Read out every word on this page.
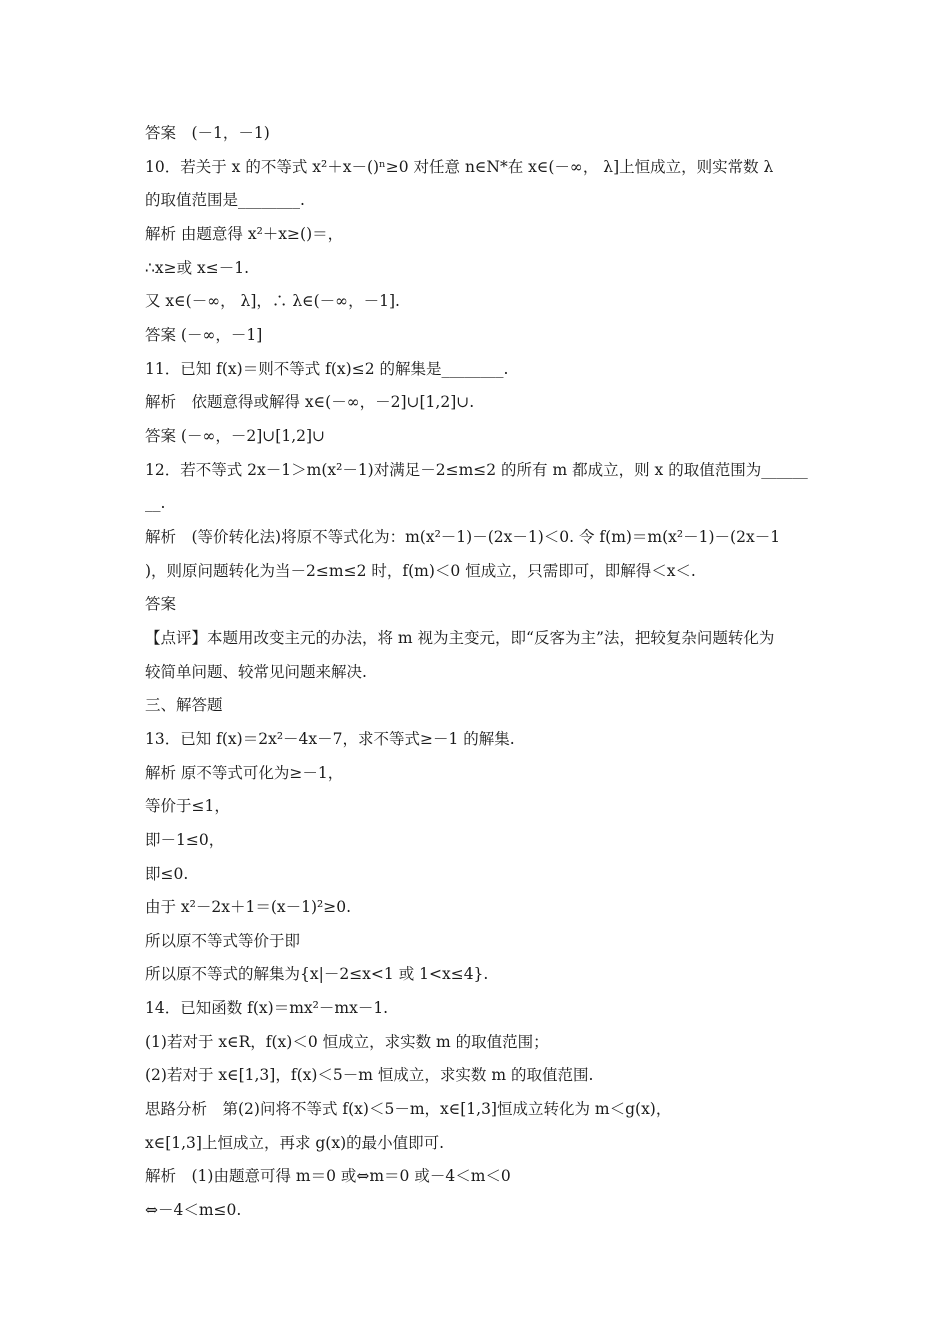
答案　(－1，－1)
10．若关于 x 的不等式 x²＋x－()ⁿ≥0 对任意 n∈N*在 x∈(－∞， λ]上恒成立，则实常数 λ
的取值范围是________.
解析 由题意得 x²＋x≥()＝，
∴x≥或 x≤－1.
又 x∈(－∞， λ]，∴ λ∈(－∞，－1].
答案 (－∞，－1]
11．已知 f(x)＝则不等式 f(x)≤2 的解集是________.
解析　依题意得或解得 x∈(－∞，－2]∪[1,2]∪.
答案 (－∞，－2]∪[1,2]∪
12．若不等式 2x－1＞m(x²－1)对满足－2≤m≤2 的所有 m 都成立，则 x 的取值范围为______
__.
解析　(等价转化法)将原不等式化为：m(x²－1)－(2x－1)＜0. 令 f(m)＝m(x²－1)－(2x－1
)，则原问题转化为当－2≤m≤2 时，f(m)＜0 恒成立，只需即可，即解得＜x＜.
答案
【点评】本题用改变主元的办法，将 m 视为主变元，即“反客为主”法，把较复杂问题转化为
较简单问题、较常见问题来解决.
三、解答题
13．已知 f(x)＝2x²－4x－7，求不等式≥－1 的解集.
解析 原不等式可化为≥－1，
等价于≤1，
即－1≤0，
即≤0.
由于 x²－2x＋1＝(x－1)²≥0.
所以原不等式等价于即
所以原不等式的解集为{x|－2≤x<1 或 1<x≤4}.
14．已知函数 f(x)＝mx²－mx－1.
(1)若对于 x∈R，f(x)＜0 恒成立，求实数 m 的取值范围；
(2)若对于 x∈[1,3]，f(x)＜5－m 恒成立，求实数 m 的取值范围.
思路分析　第(2)问将不等式 f(x)＜5－m，x∈[1,3]恒成立转化为 m＜g(x)，
x∈[1,3]上恒成立，再求 g(x)的最小值即可.
解析　(1)由题意可得 m＝0 或⇔m＝0 或－4＜m＜0
⇔－4＜m≤0.
